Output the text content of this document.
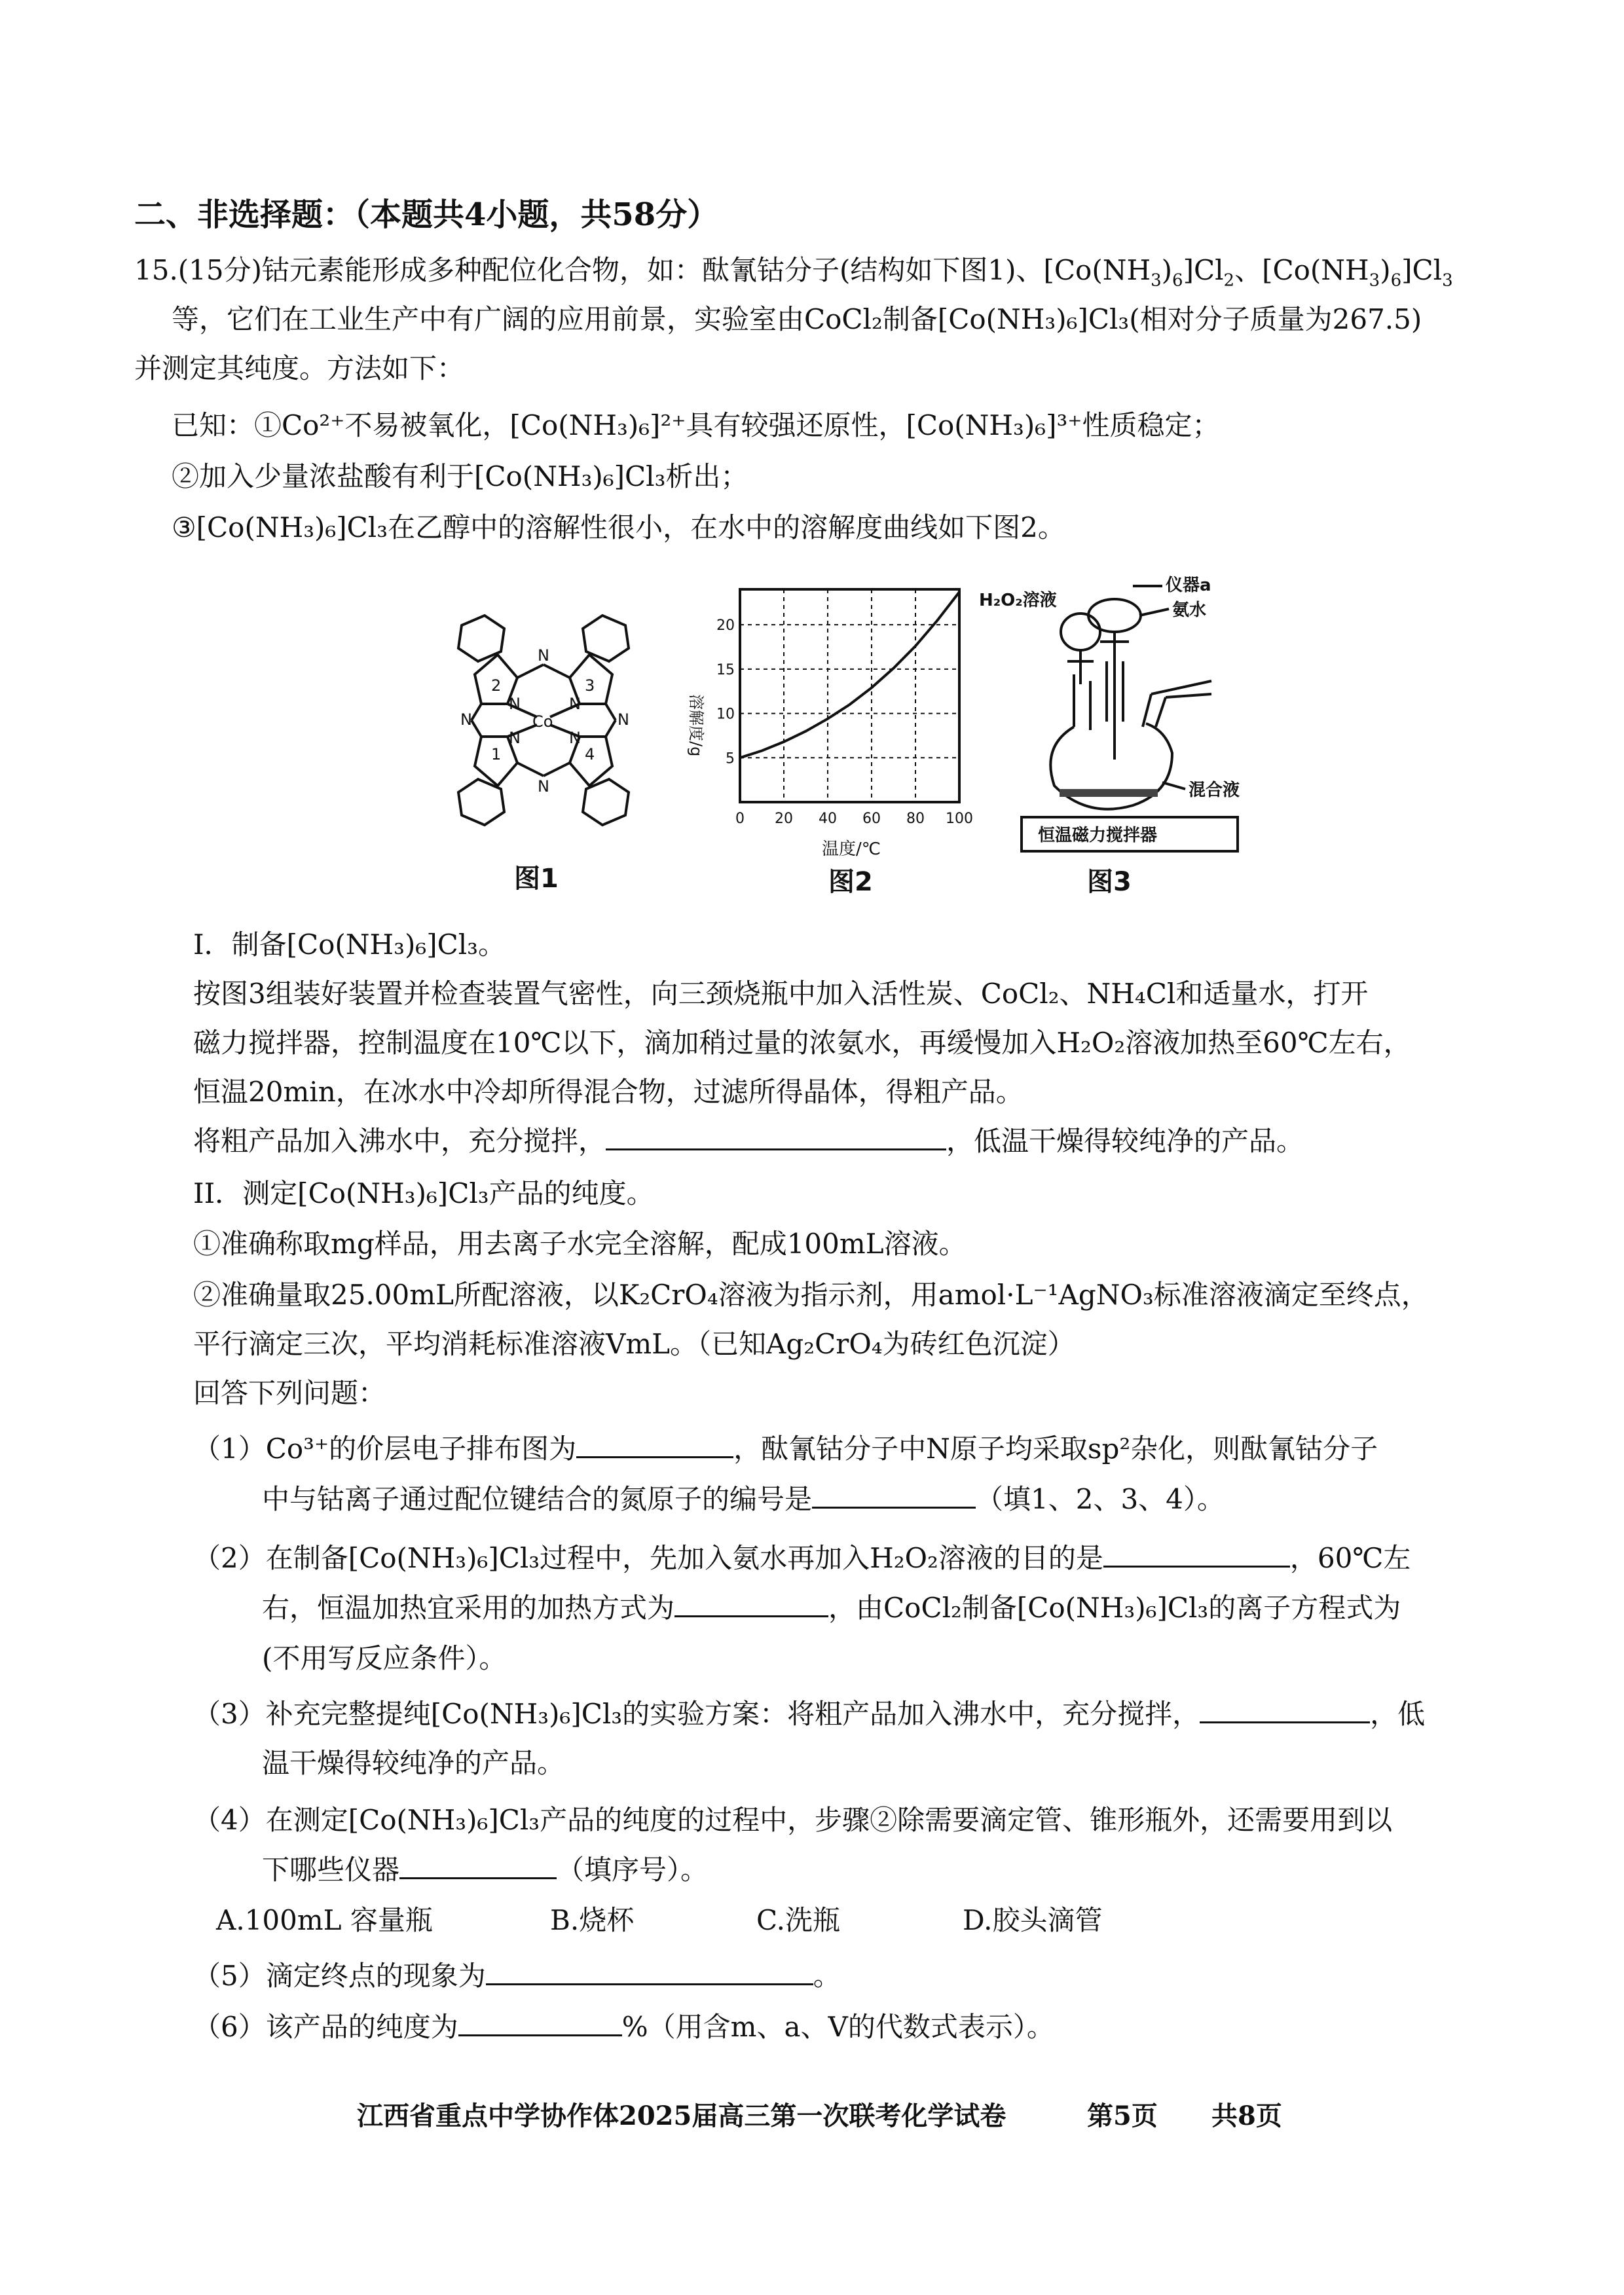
二、非选择题：（本题共4小题，共58分）
15.(15分)钴元素能形成多种配位化合物，如：酞氰钴分子(结构如下图1)、$[Co(NH_3)_6]Cl_2$、$[Co(NH_3)_6]Cl_3$
等，它们在工业生产中有广阔的应用前景，实验室由CoCl₂制备[Co(NH₃)₆]Cl₃(相对分子质量为267.5)
并测定其纯度。方法如下：
已知：①Co²⁺不易被氧化，[Co(NH₃)₆]²⁺具有较强还原性，[Co(NH₃)₆]³⁺性质稳定；
②加入少量浓盐酸有利于[Co(NH₃)₆]Cl₃析出；
③[Co(NH₃)₆]Cl₃在乙醇中的溶解性很小，在水中的溶解度曲线如下图2。
N
N
N	N
N	N
N	N
Co
2	3
1	4
图1
0 20 40 60 80 100
5
10
15
20
溶解度/g
温度/℃
图2
H₂O₂溶液
仪器a
氨水
混合液
恒温磁力搅拌器
图3
I．制备[Co(NH₃)₆]Cl₃。
按图3组装好装置并检查装置气密性，向三颈烧瓶中加入活性炭、CoCl₂、NH₄Cl和适量水，打开
磁力搅拌器，控制温度在10℃以下，滴加稍过量的浓氨水，再缓慢加入H₂O₂溶液加热至60℃左右，
恒温20min，在冰水中冷却所得混合物，过滤所得晶体，得粗产品。
将粗产品加入沸水中，充分搅拌，	，低温干燥得较纯净的产品。
II．测定[Co(NH₃)₆]Cl₃产品的纯度。
①准确称取mg样品，用去离子水完全溶解，配成100mL溶液。
②准确量取25.00mL所配溶液，以K₂CrO₄溶液为指示剂，用amol·L⁻¹AgNO₃标准溶液滴定至终点，
平行滴定三次，平均消耗标准溶液VmL。（已知Ag₂CrO₄为砖红色沉淀）
回答下列问题：
（1）Co³⁺的价层电子排布图为	，酞氰钴分子中N原子均采取sp²杂化，则酞氰钴分子
中与钴离子通过配位键结合的氮原子的编号是	（填1、2、3、4）。
（2）在制备[Co(NH₃)₆]Cl₃过程中，先加入氨水再加入H₂O₂溶液的目的是	，60℃左
右，恒温加热宜采用的加热方式为	，由CoCl₂制备[Co(NH₃)₆]Cl₃的离子方程式为
(不用写反应条件）。
（3）补充完整提纯[Co(NH₃)₆]Cl₃的实验方案：将粗产品加入沸水中，充分搅拌，	，低
温干燥得较纯净的产品。
（4）在测定[Co(NH₃)₆]Cl₃产品的纯度的过程中，步骤②除需要滴定管、锥形瓶外，还需要用到以
下哪些仪器	（填序号）。
A.100mL 容量瓶	B.烧杯	C.洗瓶	D.胶头滴管
（5）滴定终点的现象为	。
（6）该产品的纯度为	%（用含m、a、V的代数式表示）。
江西省重点中学协作体2025届高三第一次联考化学试卷	第5页 共8页
